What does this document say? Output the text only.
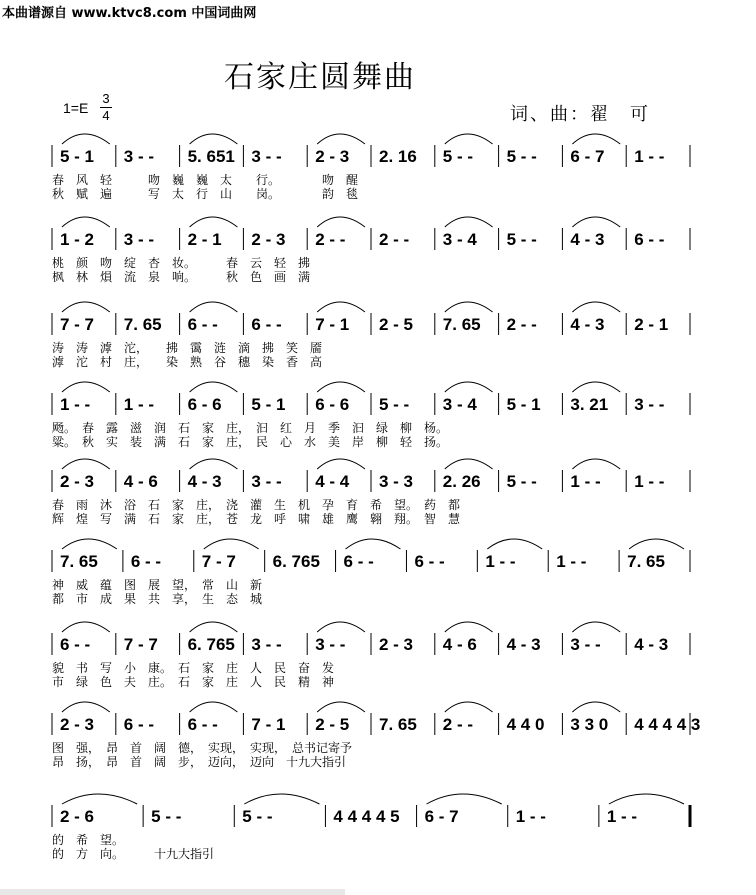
本曲谱源自 www.ktvc8.com 中国词曲网
石家庄圆舞曲
1=E
3
4	词、曲：翟　可
5 - 1 3 - - 5. 651 3 - - 2 - 3 2. 16 5 - - 5 - - 6 - 7 1 - -
春　风　轻　　　吻　巍　巍　太　　行。　　　　吻　醒
秋　赋　遍　　　写　太　行　山　　岗。　　　　韵　毯
1 - 2 3 - - 2 - 1 2 - 3 2 - - 2 - - 3 - 4 5 - - 4 - 3 6 - -
桃　颜　吻　绽　杏　妆。　　　春　云　轻　拂
枫　林　熉　流　泉　响。　　　秋　色　画　满
7 - 7 7. 65 6 - - 6 - - 7 - 1 2 - 5 7. 65 2 - - 4 - 3 2 - 1
涛　涛　滹　沱，　　拂　霭　涟　滴　拂　笑　靥
滹　沱　村　庄，　　染　熟　谷　穗　染　香　高
1 - - 1 - - 6 - 6 5 - 1 6 - 6 5 - - 3 - 4 5 - 1 3. 21 3 - -
飏。　春　露　滋　润　石　家　庄，　汩　红　月　季　汩　绿　柳　杨。
粱。　秋　实　装　满　石　家　庄，　民　心　水　美　岸　柳　轻　扬。
2 - 3 4 - 6 4 - 3 3 - - 4 - 4 3 - 3 2. 26 5 - - 1 - - 1 - -
春　雨　沐　浴　石　家　庄，　浇　灌　生　机　孕　育　希　望。　药　都
辉　煌　写　满　石　家　庄，　苍　龙　呼　啸　雄　鹰　翱　翔。　智　慧
7. 65 6 - - 7 - 7 6. 765 6 - - 6 - - 1 - - 1 - - 7. 65
神　威　蕴　图　展　望，　常　山　新
都　市　成　果　共　享，　生　态　城
6 - - 7 - 7 6. 765 3 - - 3 - - 2 - 3 4 - 6 4 - 3 3 - - 4 - 3
貌　书　写　小　康。　石　家　庄　人　民　奋　发
市　绿　色　夫　庄。　石　家　庄　人　民　精　神
2 - 3 6 - - 6 - - 7 - 1 2 - 5 7. 65 2 - - 4 4 0 3 3 0 4 4 4 4 3
图　强，　昂　首　阔　德，　实现，　实现，　总书记寄予
昂　扬，　昂　首　阔　步，　迈向，　迈向　十九大指引
2 - 6	5 - -	5 - -	4 4 4 4 5 6 - 7	1 - -	1 - -
的　希　望。
的　方　向。　　　十九大指引
